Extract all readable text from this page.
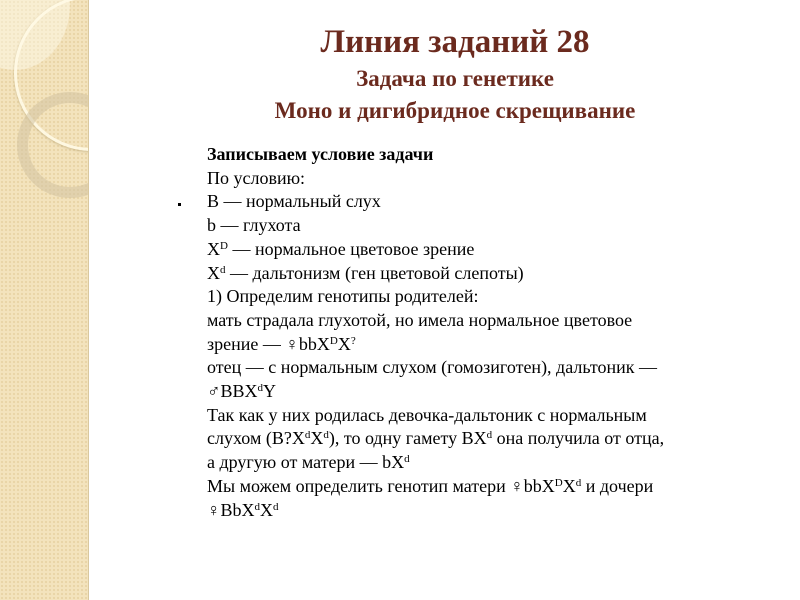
Линия заданий 28
Задача по генетике
Моно и дигибридное скрещивание
Записываем условие задачи
По условию:
B — нормальный слух
b — глухота
$X^D$ — нормальное цветовое зрение
$X^d$ — дальтонизм (ген цветовой слепоты)
1) Определим генотипы родителей:
мать страдала глухотой, но имела нормальное цветовое
зрение — ♀bbX$^D$X?
отец — с нормальным слухом (гомозиготен), дальтоник —
♂BBX$^d$Y
Так как у них родилась девочка-дальтоник с нормальным
слухом $(B?X^dX^d)$, то одну гамету $BX^d$ она получила от отца,
а другую от матери — $bX^d$
Мы можем определить генотип матери $♀bbX^DX^d$ и дочери
$♀BbX^dX^d$
